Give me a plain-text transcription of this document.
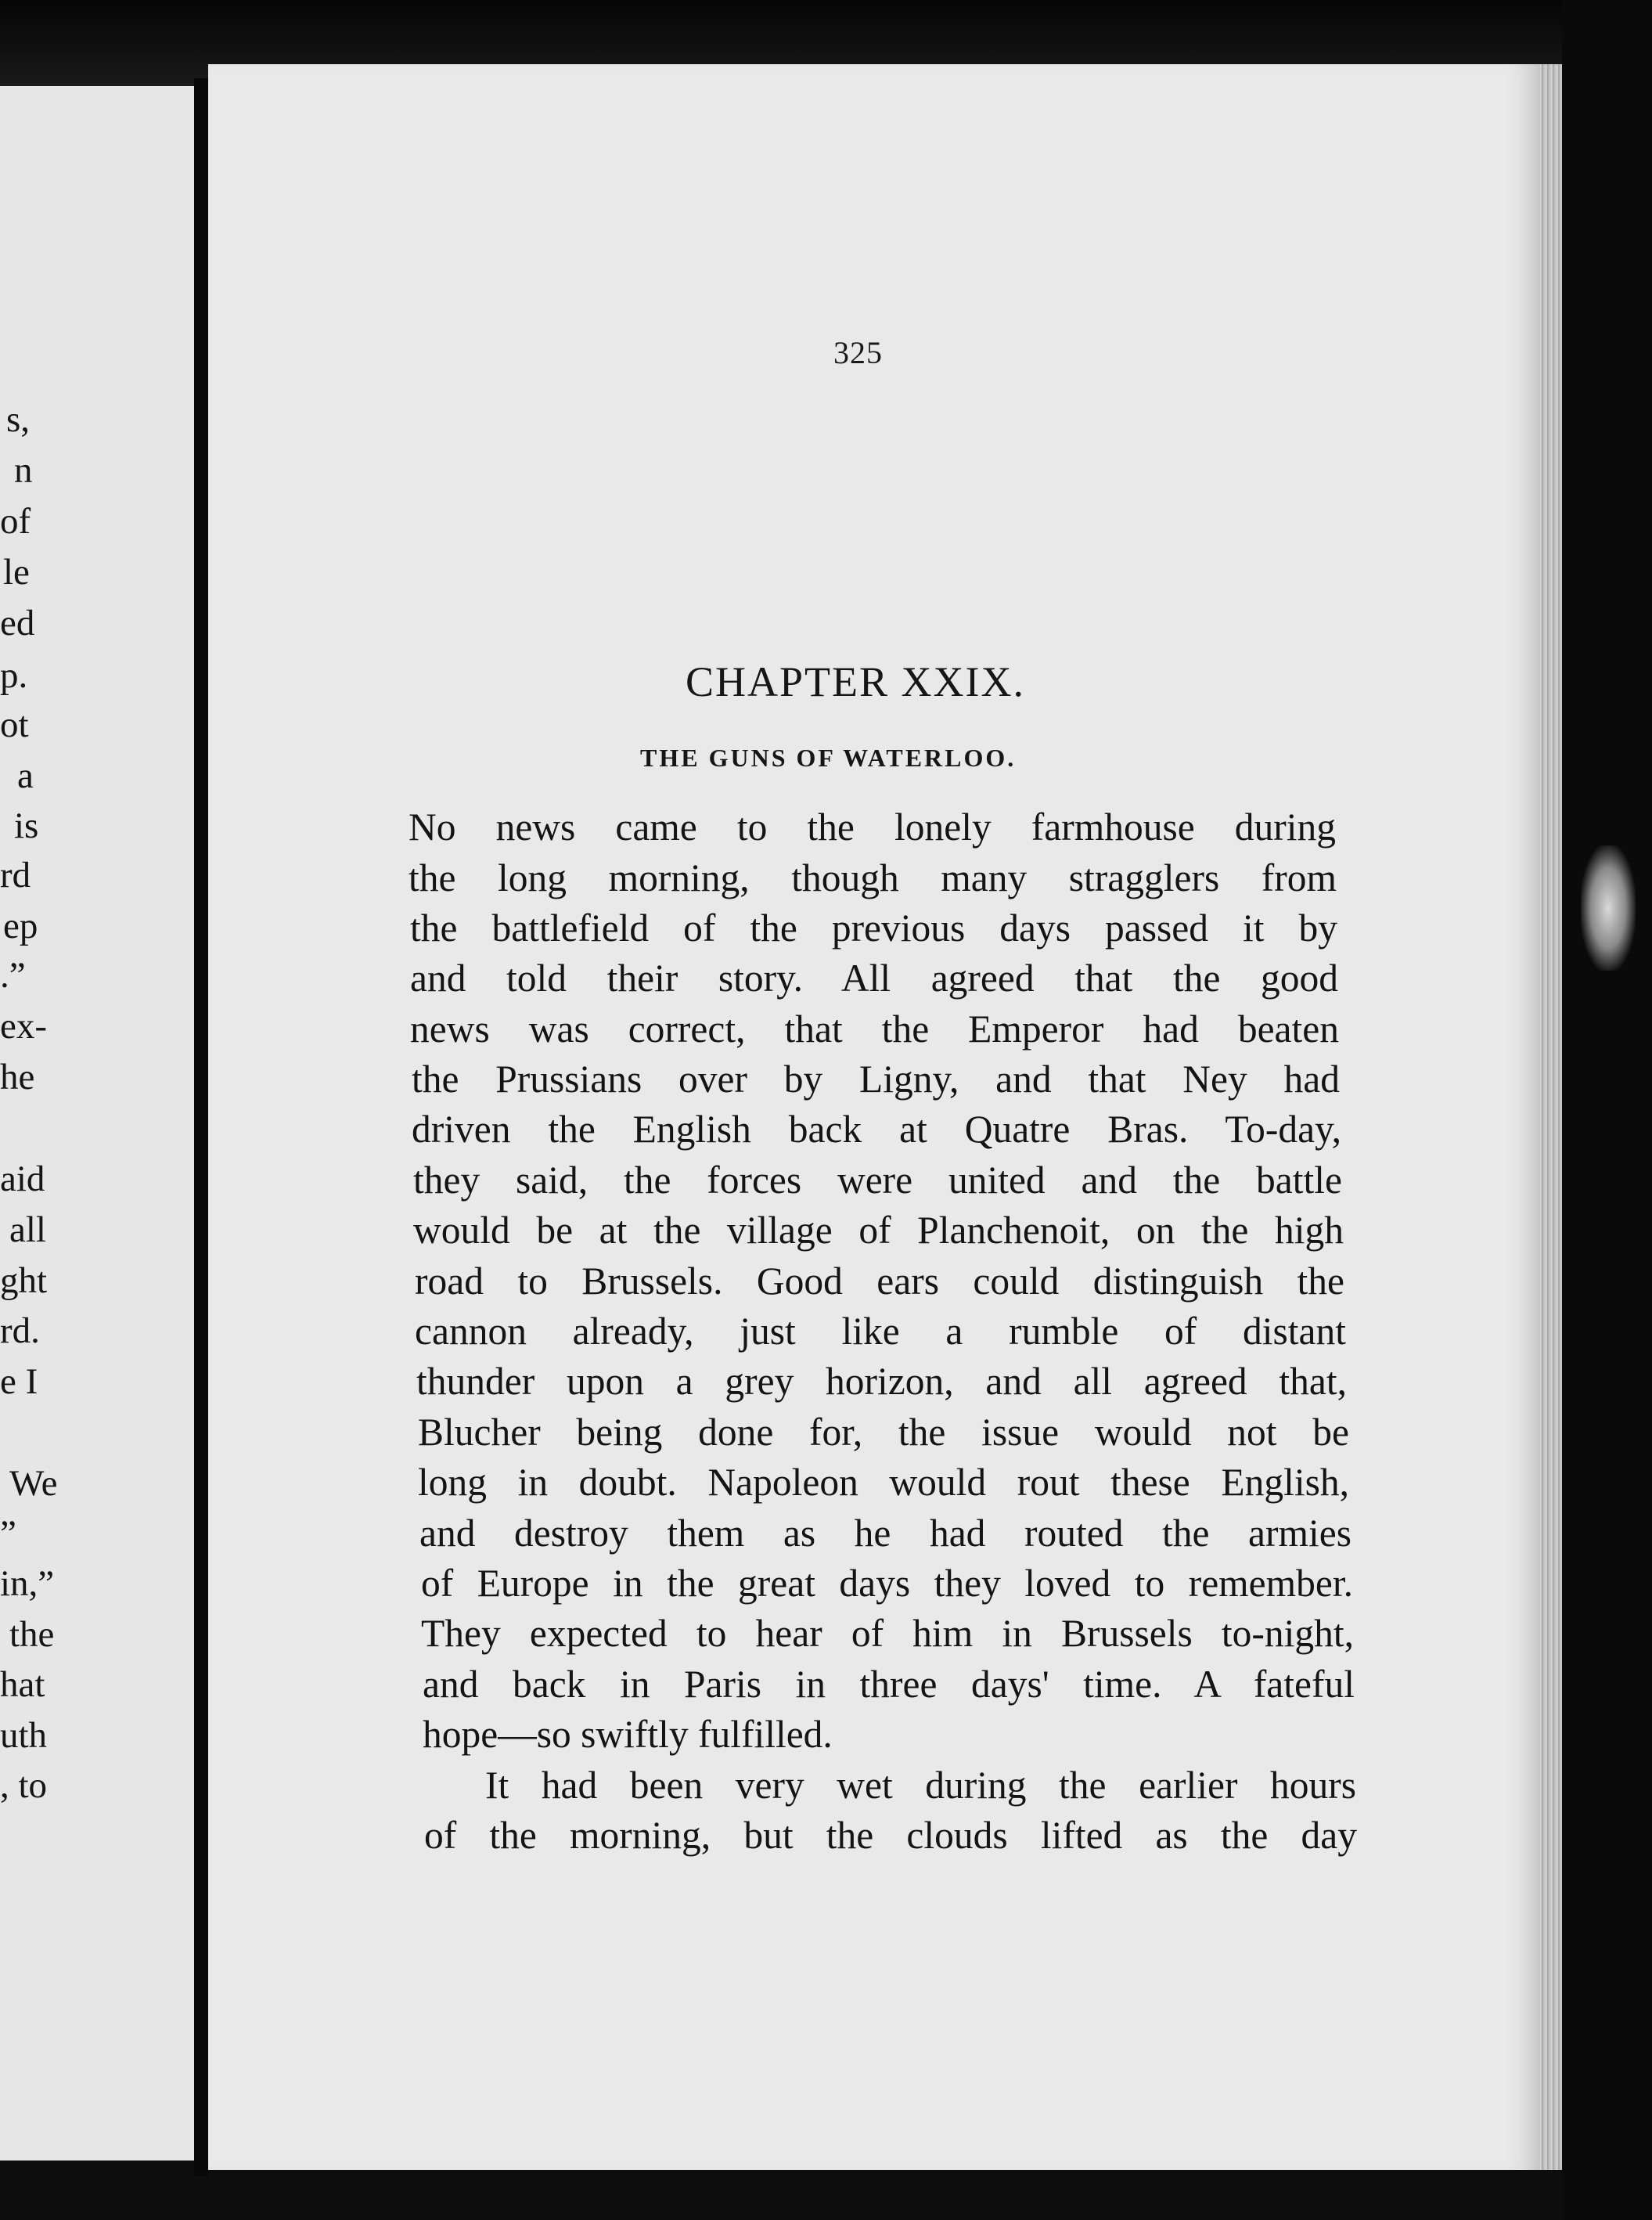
s,
n
of
le
ed
p.
ot
a
is
rd
ep
.”
ex-
he
aid
all
ght
rd.
e I
We
”
in,”
the
hat
uth
, to
325
CHAPTER XXIX.
THE GUNS OF WATERLOO.
No news came to the lonely farmhouse during
the long morning, though many stragglers from
the battlefield of the previous days passed it by
and told their story. All agreed that the good
news was correct, that the Emperor had beaten
the Prussians over by Ligny, and that Ney had
driven the English back at Quatre Bras. To-day,
they said, the forces were united and the battle
would be at the village of Planchenoit, on the high
road to Brussels. Good ears could distinguish the
cannon already, just like a rumble of distant
thunder upon a grey horizon, and all agreed that,
Blucher being done for, the issue would not be
long in doubt. Napoleon would rout these English,
and destroy them as he had routed the armies
of Europe in the great days they loved to remember.
They expected to hear of him in Brussels to-night,
and back in Paris in three days' time. A fateful
hope—so swiftly fulfilled.
It had been very wet during the earlier hours
of the morning, but the clouds lifted as the day
